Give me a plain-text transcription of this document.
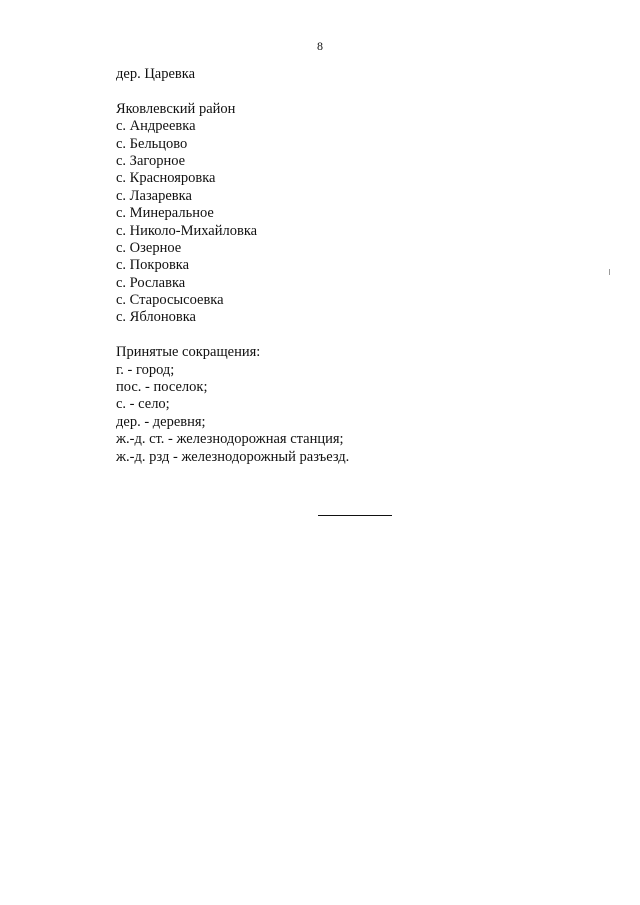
8
дер. Царевка
Яковлевский район
с. Андреевка
с. Бельцово
с. Загорное
с. Краснояровка
с. Лазаревка
с. Минеральное
с. Николо-Михайловка
с. Озерное
с. Покровка
с. Рославка
с. Старосысоевка
с. Яблоновка
Принятые сокращения:
г. - город;
пос. - поселок;
с. - село;
дер. - деревня;
ж.-д. ст. - железнодорожная станция;
ж.-д. рзд - железнодорожный разъезд.
